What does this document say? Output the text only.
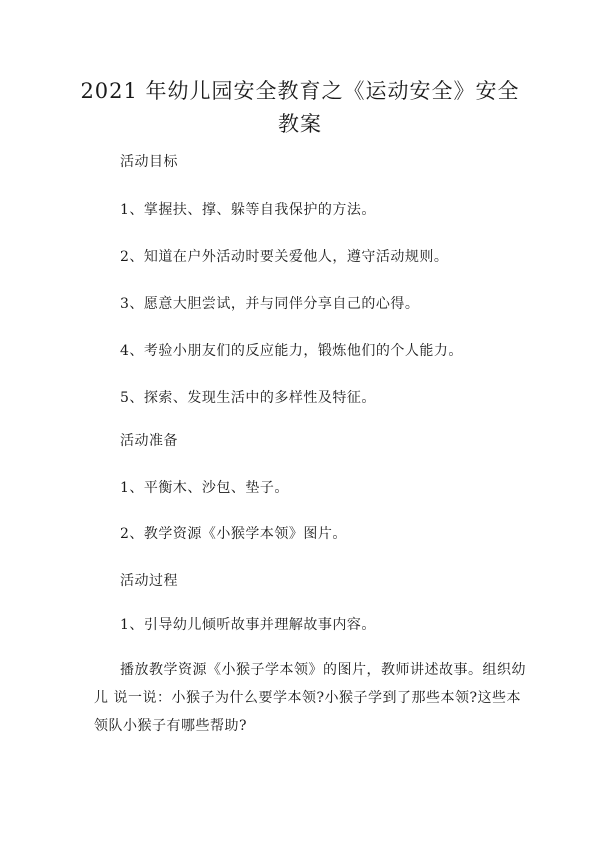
2021 年幼儿园安全教育之《运动安全》安全
教案

活动目标

1、掌握扶、撑、躲等自我保护的方法。

2、知道在户外活动时要关爱他人，遵守活动规则。

3、愿意大胆尝试，并与同伴分享自己的心得。

4、考验小朋友们的反应能力，锻炼他们的个人能力。

5、探索、发现生活中的多样性及特征。

活动准备

1、平衡木、沙包、垫子。

2、教学资源《小猴学本领》图片。

活动过程

1、引导幼儿倾听故事并理解故事内容。

播放教学资源《小猴子学本领》的图片，教师讲述故事。组织幼
儿 说一说：小猴子为什么要学本领?小猴子学到了那些本领?这些本
领队小猴子有哪些帮助?
